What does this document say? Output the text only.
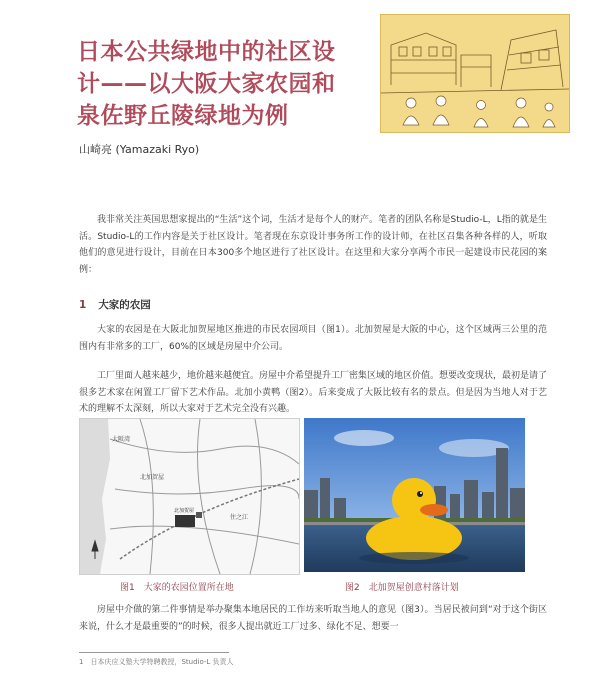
日本公共绿地中的社区设
计——以大阪大家农园和
泉佐野丘陵绿地为例
山崎亮 (Yamazaki Ryo)
我非常关注英国思想家提出的“生活”这个词，生活才是每个人的财产。笔者的团队名称是Studio-L，L指的就是生活。Studio-L的工作内容是关于社区设计。笔者现在东京设计事务所工作的设计师，在社区召集各种各样的人，听取他们的意见进行设计，目前在日本300多个地区进行了社区设计。在这里和大家分享两个市民一起建设市民花园的案例：
1 大家的农园
大家的农园是在大阪北加贺屋地区推进的市民农园项目（图1）。北加贺屋是大阪的中心，这个区域两三公里的范围内有非常多的工厂，60%的区域是房屋中介公司。
工厂里面人越来越少，地价越来越便宜。房屋中介希望提升工厂密集区域的地区价值。想要改变现状，最初是请了很多艺术家在闲置工厂留下艺术作品。北加小黄鸭（图2）。后来变成了大阪比较有名的景点。但是因为当地人对于艺术的理解不太深刻，所以大家对于艺术完全没有兴趣。
大阪湾
北加贺屋
住之江
北加贺屋
图1　大家的农园位置所在地	图2　北加贺屋创意村落计划
房屋中介做的第二件事情是举办聚集本地居民的工作坊来听取当地人的意见（图3）。当居民被问到“对于这个街区来说，什么才是最重要的”的时候，很多人提出就近工厂过多、绿化不足、想要一
1　日本庆应义塾大学特聘教授，Studio-L 负责人
